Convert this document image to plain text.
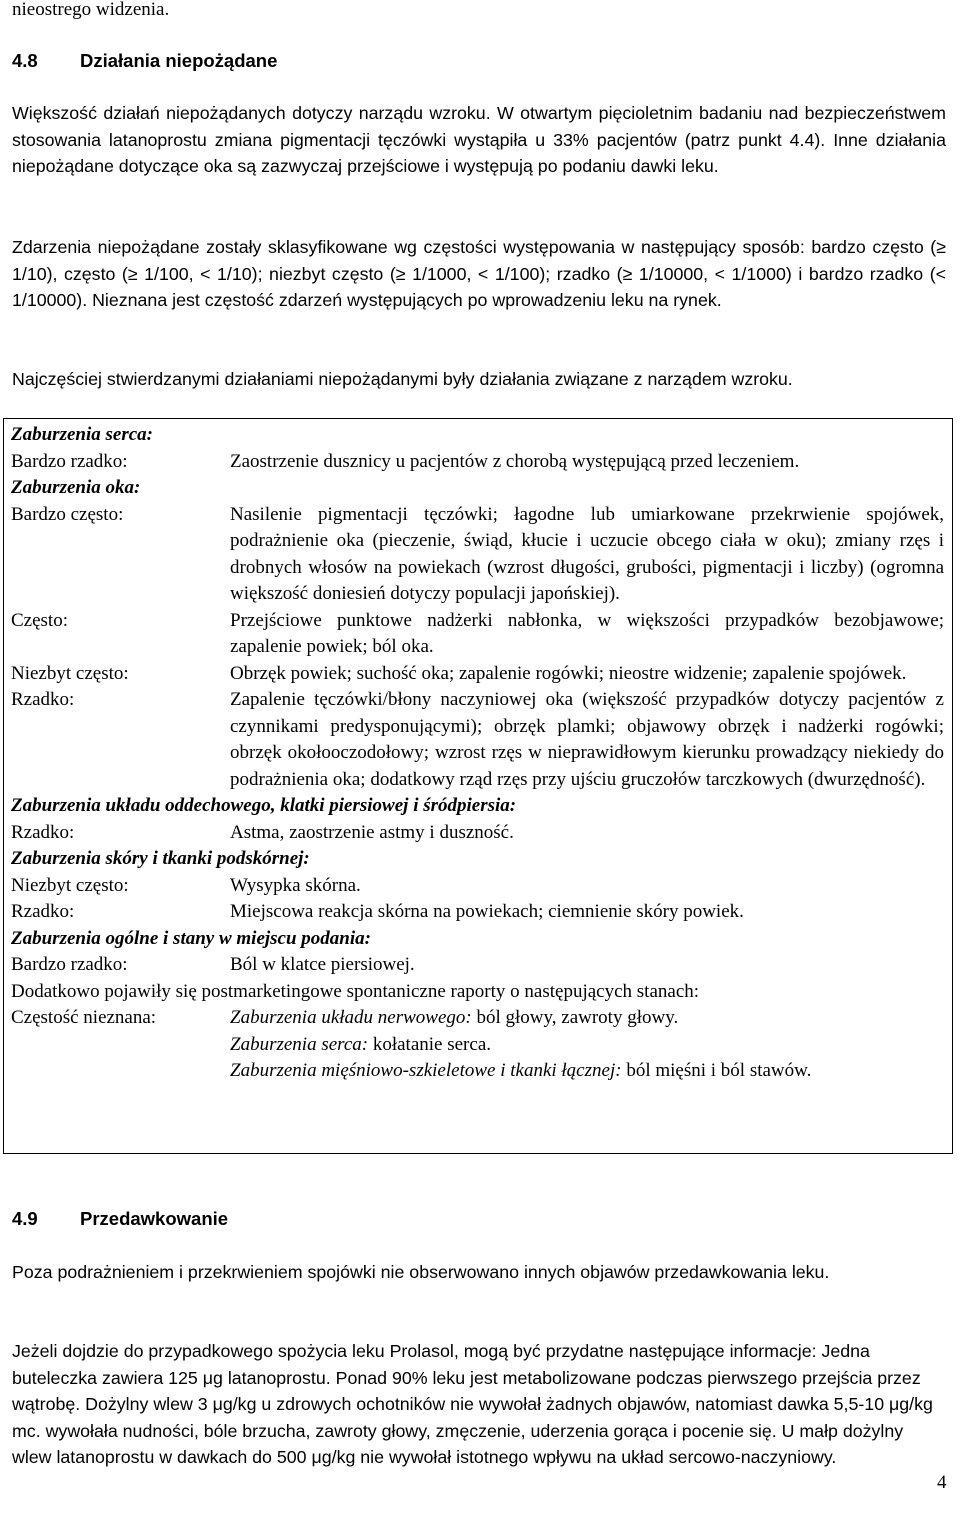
nieostrego widzenia.

4.8 Działania niepożądane

Większość działań niepożądanych dotyczy narządu wzroku. W otwartym pięcioletnim badaniu nad bezpieczeństwem stosowania latanoprostu zmiana pigmentacji tęczówki wystąpiła u 33% pacjentów (patrz punkt 4.4). Inne działania niepożądane dotyczące oka są zazwyczaj przejściowe i występują po podaniu dawki leku.

Zdarzenia niepożądane zostały sklasyfikowane wg częstości występowania w następujący sposób: bardzo często (≥ 1/10), często (≥ 1/100, < 1/10); niezbyt często (≥ 1/1000, < 1/100); rzadko (≥ 1/10000, < 1/1000) i bardzo rzadko (< 1/10000). Nieznana jest częstość zdarzeń występujących po wprowadzeniu leku na rynek.

Najczęściej stwierdzanymi działaniami niepożądanymi były działania związane z narządem wzroku.

Zaburzenia serca:

Bardzo rzadko:	Zaostrzenie dusznicy u pacjentów z chorobą występującą przed leczeniem.

Zaburzenia oka:

Bardzo często:	Nasilenie pigmentacji tęczówki; łagodne lub umiarkowane przekrwienie spojówek, podrażnienie oka (pieczenie, świąd, kłucie i uczucie obcego ciała w oku); zmiany rzęs i drobnych włosów na powiekach (wzrost długości, grubości, pigmentacji i liczby) (ogromna większość doniesień dotyczy populacji japońskiej).
Często:	Przejściowe punktowe nadżerki nabłonka, w większości przypadków bezobjawowe; zapalenie powiek; ból oka.
Niezbyt często:	Obrzęk powiek; suchość oka; zapalenie rogówki; nieostre widzenie; zapalenie spojówek.
Rzadko:	Zapalenie tęczówki/błony naczyniowej oka (większość przypadków dotyczy pacjentów z czynnikami predysponującymi); obrzęk plamki; objawowy obrzęk i nadżerki rogówki; obrzęk okołooczodołowy; wzrost rzęs w nieprawidłowym kierunku prowadzący niekiedy do podrażnienia oka; dodatkowy rząd rzęs przy ujściu gruczołów tarczkowych (dwurzędność).

Zaburzenia układu oddechowego, klatki piersiowej i śródpiersia:

Rzadko:	Astma, zaostrzenie astmy i duszność.

Zaburzenia skóry i tkanki podskórnej:

Niezbyt często:	Wysypka skórna.
Rzadko:	Miejscowa reakcja skórna na powiekach; ciemnienie skóry powiek.

Zaburzenia ogólne i stany w miejscu podania:

Bardzo rzadko:	Ból w klatce piersiowej.

Dodatkowo pojawiły się postmarketingowe spontaniczne raporty o następujących stanach:

Częstość nieznana:	Zaburzenia układu nerwowego: ból głowy, zawroty głowy.
Zaburzenia serca: kołatanie serca.
Zaburzenia mięśniowo-szkieletowe i tkanki łącznej: ból mięśni i ból stawów.

4.9 Przedawkowanie

Poza podrażnieniem i przekrwieniem spojówki nie obserwowano innych objawów przedawkowania leku.

Jeżeli dojdzie do przypadkowego spożycia leku Prolasol, mogą być przydatne następujące informacje: Jedna buteleczka zawiera 125 μg latanoprostu. Ponad 90% leku jest metabolizowane podczas pierwszego przejścia przez wątrobę. Dożylny wlew 3 μg/kg u zdrowych ochotników nie wywołał żadnych objawów, natomiast dawka 5,5-10 μg/kg mc. wywołała nudności, bóle brzucha, zawroty głowy, zmęczenie, uderzenia gorąca i pocenie się. U małp dożylny wlew latanoprostu w dawkach do 500 μg/kg nie wywołał istotnego wpływu na układ sercowo-naczyniowy.

4
